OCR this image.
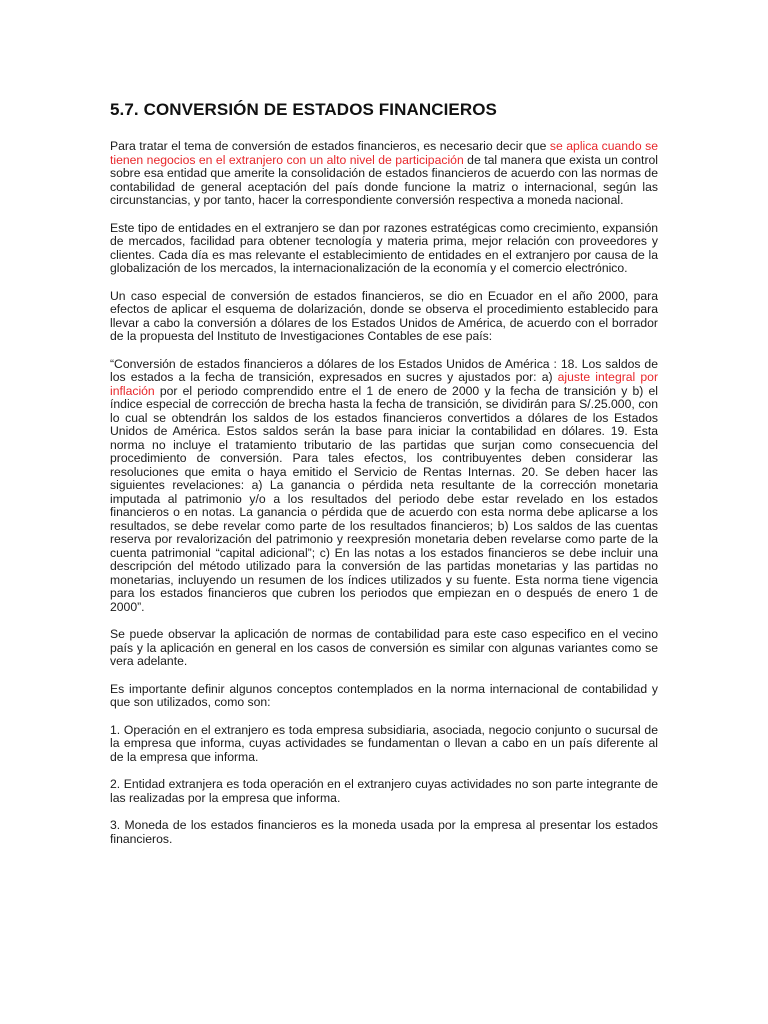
5.7. CONVERSIÓN DE ESTADOS FINANCIEROS

Para tratar el tema de conversión de estados financieros, es necesario decir que se aplica cuando se tienen negocios en el extranjero con un alto nivel de participación de tal manera que exista un control sobre esa entidad que amerite la consolidación de estados financieros de acuerdo con las normas de contabilidad de general aceptación del país donde funcione la matriz o internacional, según las circunstancias, y por tanto, hacer la correspondiente conversión respectiva a moneda nacional.

Este tipo de entidades en el extranjero se dan por razones estratégicas como crecimiento, expansión de mercados, facilidad para obtener tecnología y materia prima, mejor relación con proveedores y clientes. Cada día es mas relevante el establecimiento de entidades en el extranjero por causa de la globalización de los mercados, la internacionalización de la economía y el comercio electrónico.

Un caso especial de conversión de estados financieros, se dio en Ecuador en el año 2000, para efectos de aplicar el esquema de dolarización, donde se observa el procedimiento establecido para llevar a cabo la conversión a dólares de los Estados Unidos de América, de acuerdo con el borrador de la propuesta del Instituto de Investigaciones Contables de ese país:

“Conversión de estados financieros a dólares de los Estados Unidos de América : 18. Los saldos de los estados a la fecha de transición, expresados en sucres y ajustados por: a) ajuste integral por inflación por el periodo comprendido entre el 1 de enero de 2000 y la fecha de transición y b) el índice especial de corrección de brecha hasta la fecha de transición, se dividirán para S/.25.000, con lo cual se obtendrán los saldos de los estados financieros convertidos a dólares de los Estados Unidos de América. Estos saldos serán la base para iniciar la contabilidad en dólares. 19. Esta norma no incluye el tratamiento tributario de las partidas que surjan como consecuencia del procedimiento de conversión. Para tales efectos, los contribuyentes deben considerar las resoluciones que emita o haya emitido el Servicio de Rentas Internas. 20. Se deben hacer las siguientes revelaciones: a) La ganancia o pérdida neta resultante de la corrección monetaria imputada al patrimonio y/o a los resultados del periodo debe estar revelado en los estados financieros o en notas. La ganancia o pérdida que de acuerdo con esta norma debe aplicarse a los resultados, se debe revelar como parte de los resultados financieros; b) Los saldos de las cuentas reserva por revalorización del patrimonio y reexpresión monetaria deben revelarse como parte de la cuenta patrimonial “capital adicional”; c) En las notas a los estados financieros se debe incluir una descripción del método utilizado para la conversión de las partidas monetarias y las partidas no monetarias, incluyendo un resumen de los índices utilizados y su fuente. Esta norma tiene vigencia para los estados financieros que cubren los periodos que empiezan en o después de enero 1 de 2000”.

Se puede observar la aplicación de normas de contabilidad para este caso especifico en el vecino país y la aplicación en general en los casos de conversión es similar con algunas variantes como se vera adelante.

Es importante definir algunos conceptos contemplados en la norma internacional de contabilidad y que son utilizados, como son:

1. Operación en el extranjero es toda empresa subsidiaria, asociada, negocio conjunto o sucursal de la empresa que informa, cuyas actividades se fundamentan o llevan a cabo en un país diferente al de la empresa que informa.

2. Entidad extranjera es toda operación en el extranjero cuyas actividades no son parte integrante de las realizadas por la empresa que informa.

3. Moneda de los estados financieros es la moneda usada por la empresa al presentar los estados financieros.
